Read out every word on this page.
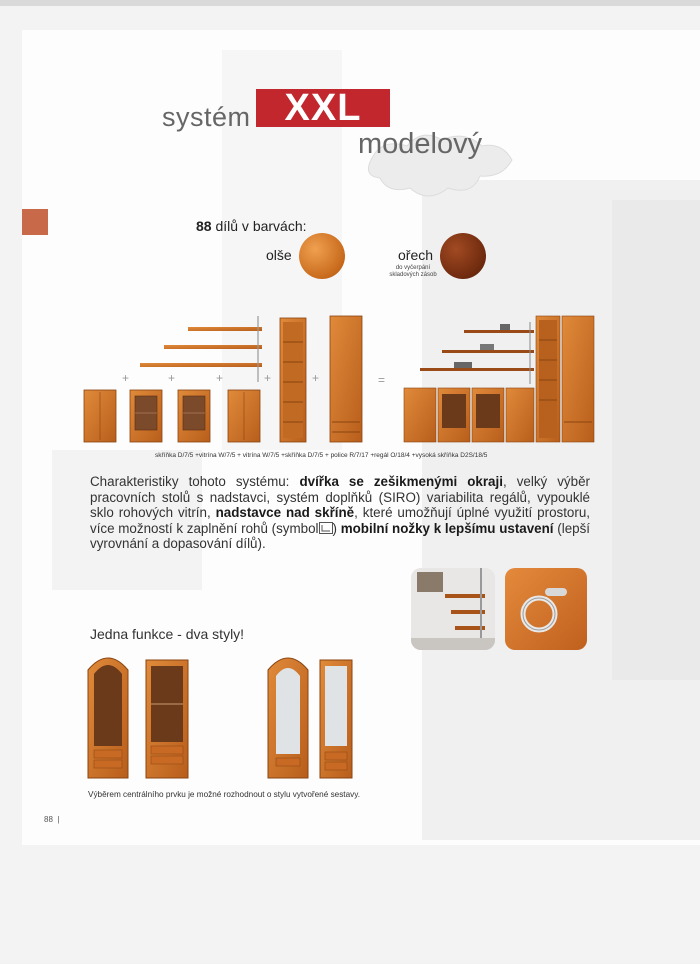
systém XXL
modelový
88 dílů v barvách:
olše	ořech
do vyčerpání skladových zásob
+	+	+	+	+	=
skříňka D/7/5 +vitrína W/7/5 + vitrína W/7/5 +skříňka D/7/5 + police R/7/17 +regál O/18/4 +vysoká skříňka D2S/18/5

Charakteristiky tohoto systému: dvířka se zešikmenými okraji, velký výběr pracovních stolů s nadstavci, systém doplňků (SIRO) variabilita regálů, vypouklé sklo rohových vitrín, nadstavce nad skříně, které umožňují úplné využití prostoru, více možností k zaplnění rohů (symbol ) mobilní nožky k lepšímu ustavení (lepší vyrovnání a dopasování dílů).

Jedna funkce - dva styly!
Výběrem centrálního prvku je možné rozhodnout o stylu vytvořené sestavy.
88  |
